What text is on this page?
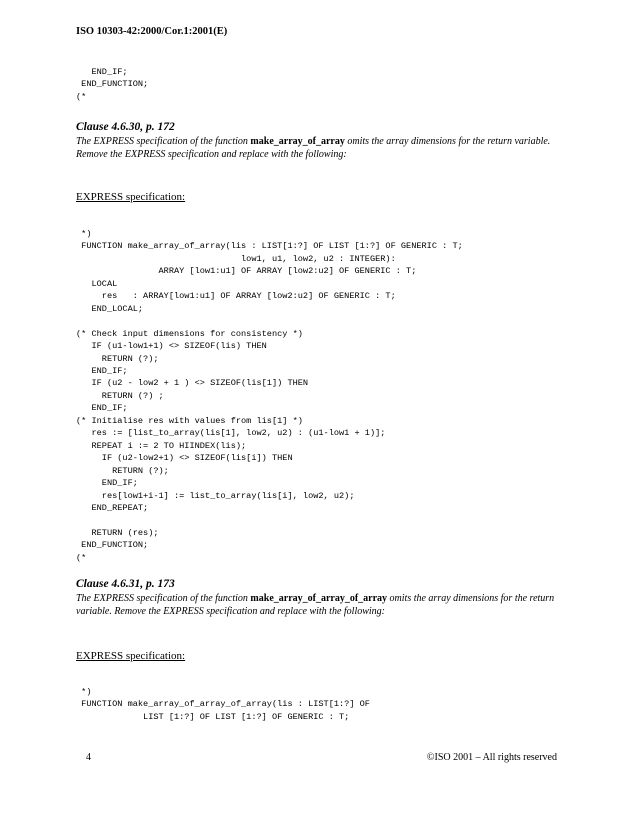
ISO 10303-42:2000/Cor.1:2001(E)
END_IF;
END_FUNCTION;
(*
Clause 4.6.30, p. 172
The EXPRESS specification of the function make_array_of_array omits the array dimensions for the return variable. Remove the EXPRESS specification and replace with the following:
EXPRESS specification:
*)
FUNCTION make_array_of_array(lis : LIST[1:?] OF LIST [1:?] OF GENERIC : T;
low1, u1, low2, u2 : INTEGER):
ARRAY [low1:u1] OF ARRAY [low2:u2] OF GENERIC : T;
LOCAL
res   : ARRAY[low1:u1] OF ARRAY [low2:u2] OF GENERIC : T;
END_LOCAL;

(* Check input dimensions for consistency *)
IF (u1-low1+1) <> SIZEOF(lis) THEN
RETURN (?);
END_IF;
IF (u2 - low2 + 1 ) <> SIZEOF(lis[1]) THEN
RETURN (?) ;
END_IF;
(* Initialise res with values from lis[1] *)
res := [list_to_array(lis[1], low2, u2) : (u1-low1 + 1)];
REPEAT i := 2 TO HIINDEX(lis);
IF (u2-low2+1) <> SIZEOF(lis[i]) THEN
RETURN (?);
END_IF;
res[low1+i-1] := list_to_array(lis[i], low2, u2);
END_REPEAT;

RETURN (res);
END_FUNCTION;
(*
Clause 4.6.31, p. 173
The EXPRESS specification of the function make_array_of_array_of_array omits the array dimensions for the return variable. Remove the EXPRESS specification and replace with the following:
EXPRESS specification:
*)
FUNCTION make_array_of_array_of_array(lis : LIST[1:?] OF
LIST [1:?] OF LIST [1:?] OF GENERIC : T;
4	©ISO 2001 – All rights reserved
